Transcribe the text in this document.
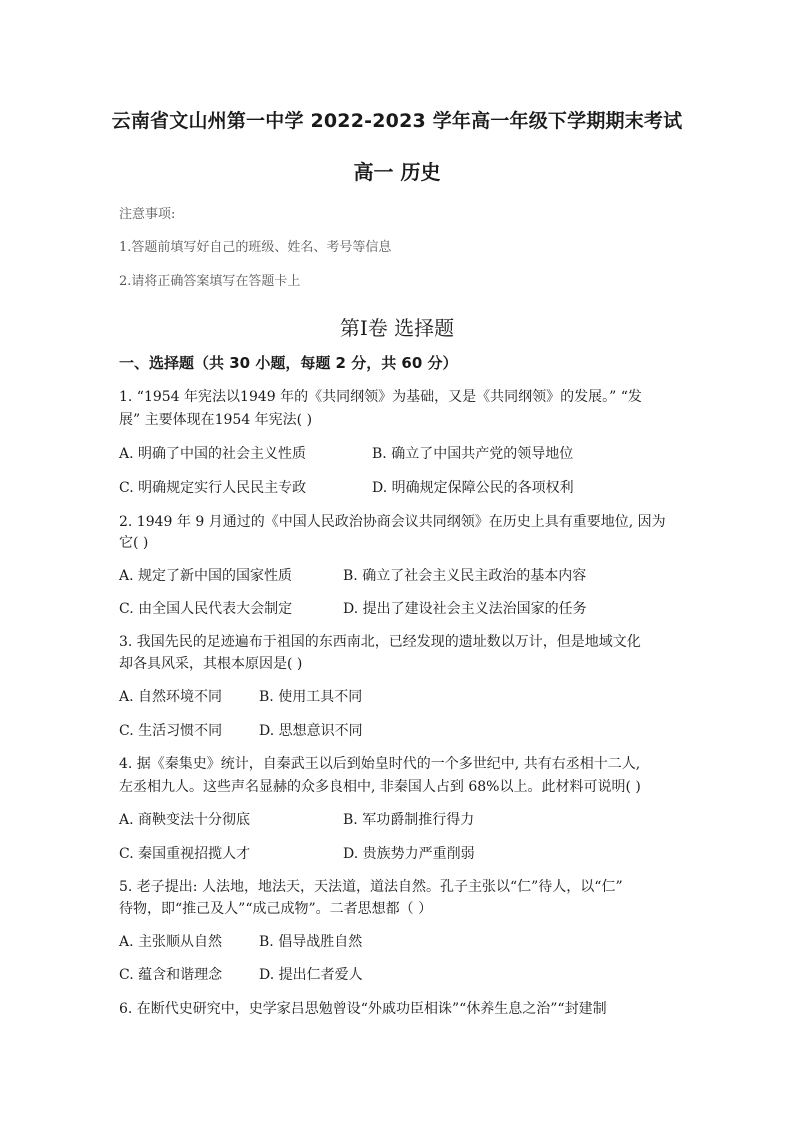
云南省文山州第一中学 2022-2023 学年高一年级下学期期末考试
高一 历史
注意事项:
1.答题前填写好自己的班级、姓名、考号等信息
2.请将正确答案填写在答题卡上
第Ⅰ卷 选择题
一、选择题（共 30 小题，每题 2 分，共 60 分）
1. “1954 年宪法以1949 年的《共同纲领》为基础，又是《共同纲领》的发展。” “发
展” 主要体现在1954 年宪法( )
A. 明确了中国的社会主义性质	B. 确立了中国共产党的领导地位
C. 明确规定实行人民民主专政	D. 明确规定保障公民的各项权利
2. 1949 年 9 月通过的《中国人民政治协商会议共同纲领》在历史上具有重要地位, 因为
它( )
A. 规定了新中国的国家性质	B. 确立了社会主义民主政治的基本内容
C. 由全国人民代表大会制定	D. 提出了建设社会主义法治国家的任务
3. 我国先民的足迹遍布于祖国的东西南北，已经发现的遗址数以万计，但是地域文化
却各具风采，其根本原因是( )
A. 自然环境不同	B. 使用工具不同
C. 生活习惯不同	D. 思想意识不同
4. 据《秦集史》统计，自秦武王以后到始皇时代的一个多世纪中, 共有右丞相十二人,
左丞相九人。这些声名显赫的众多良相中, 非秦国人占到 68%以上。此材料可说明( )
A. 商鞅变法十分彻底	B. 军功爵制推行得力
C. 秦国重视招揽人才	D. 贵族势力严重削弱
5. 老子提出: 人法地，地法天，天法道，道法自然。孔子主张以“仁”待人，以“仁”
待物，即“推己及人”“成己成物”。二者思想都（ ）
A. 主张顺从自然	B. 倡导战胜自然
C. 蕴含和谐理念	D. 提出仁者爱人
6. 在断代史研究中，史学家吕思勉曾设“外戚功臣相诛”“休养生息之治”“封建制
